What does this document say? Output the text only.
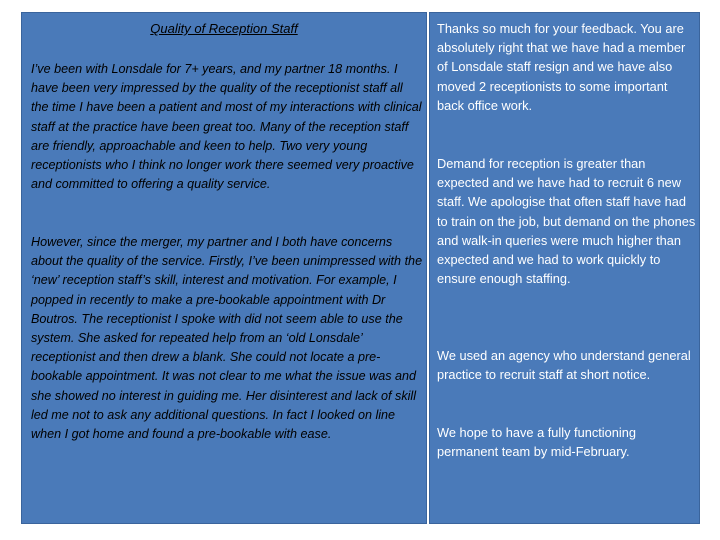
Quality of Reception Staff

I’ve been with Lonsdale for 7+ years, and my partner 18 months. I have been very impressed by the quality of the receptionist staff all the time I have been a patient and most of my interactions with clinical staff at the practice have been great too. Many of the reception staff are friendly, approachable and keen to help. Two very young receptionists who I think no longer work there seemed very proactive and committed to offering a quality service.

However, since the merger, my partner and I both have concerns about the quality of the service. Firstly, I’ve been unimpressed with the ‘new’ reception staff’s skill, interest and motivation. For example, I popped in recently to make a pre-bookable appointment with Dr Boutros. The receptionist I spoke with did not seem able to use the system. She asked for repeated help from an ‘old Lonsdale’ receptionist and then drew a blank. She could not locate a pre-bookable appointment. It was not clear to me what the issue was and she showed no interest in guiding me. Her disinterest and lack of skill led me not to ask any additional questions. In fact I looked on line when I got home and found a pre-bookable with ease.

Thanks so much for your feedback. You are absolutely right that we have had a member of Lonsdale staff resign and we have also moved 2 receptionists to some important back office work.

Demand for reception is greater than expected and we have had to recruit 6 new staff. We apologise that often staff have had to train on the job, but demand on the phones and walk-in queries were much higher than expected and we had to work quickly to ensure enough staffing.

We used an agency who understand general practice to recruit staff at short notice.

We hope to have a fully functioning permanent team by mid-February.
